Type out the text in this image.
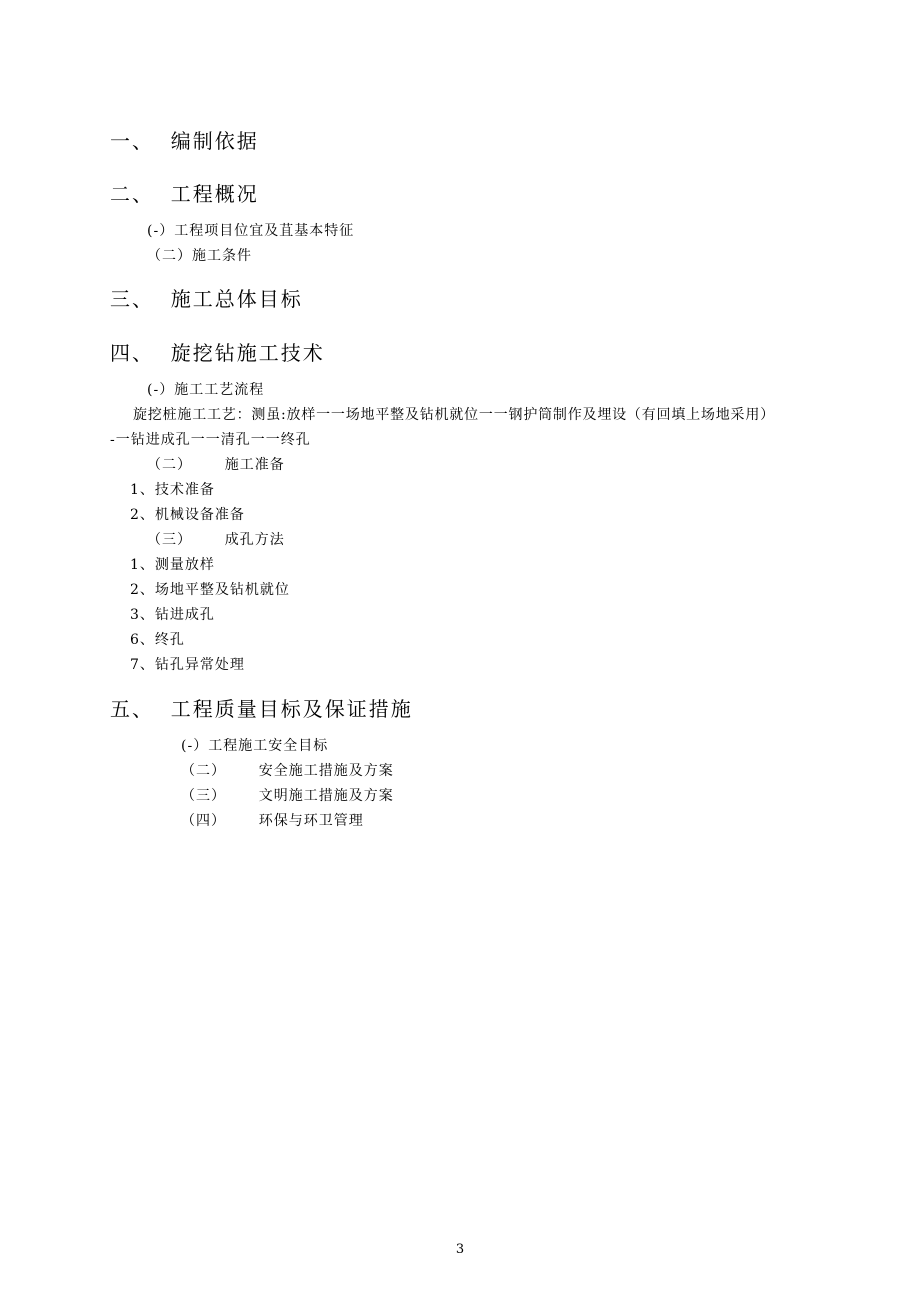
一、  编制依据
二、  工程概况
(-）工程项目位宜及苴基本特征
（二）施工条件
三、  施工总体目标
四、  旋挖钻施工技术
(-）施工工艺流程
旋挖桩施工工艺：测虽:放样一一场地平整及钻机就位一一钢护筒制作及埋设（有回填上场地采用）
-一钻进成孔一一清孔一一终孔
（二）      施工准备
1、技术准备
2、机械设备准备
（三）      成孔方法
1、测量放样
2、场地平整及钻机就位
3、钻进成孔
6、终孔
7、钻孔异常处理
五、  工程质量目标及保证措施
(-）工程施工安全目标
（二）      安全施工措施及方案
（三）      文明施工措施及方案
（四）      环保与环卫管理
3
